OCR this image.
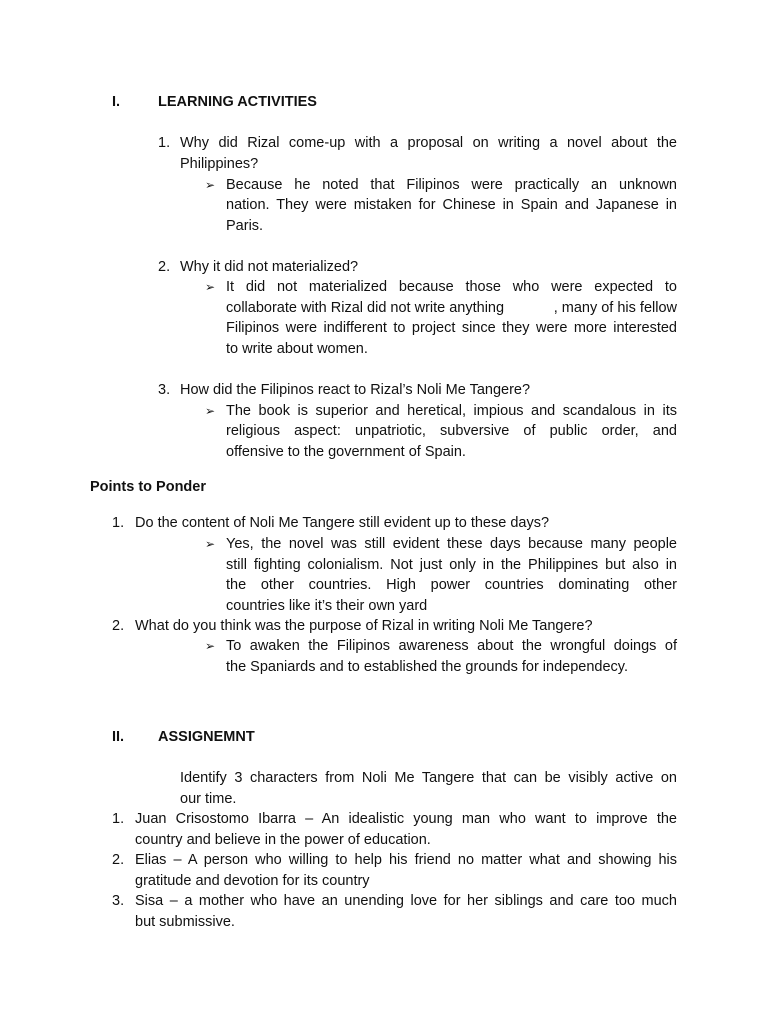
I.	LEARNING ACTIVITIES
1. Why did Rizal come-up with a proposal on writing a novel about the
Philippines?
➢ Because he noted that Filipinos were practically an unknown
nation. They were mistaken for Chinese in Spain and Japanese in
Paris.
2. Why it did not materialized?
➢ It did not materialized because those who were expected to
collaborate with Rizal did not write anything	, many of his fellow
Filipinos were indifferent to project since they were more interested
to write about women.
3. How did the Filipinos react to Rizal’s Noli Me Tangere?
➢ The book is superior and heretical, impious and scandalous in its
religious aspect: unpatriotic, subversive of public order, and
offensive to the government of Spain.
Points to Ponder
1. Do the content of Noli Me Tangere still evident up to these days?
➢ Yes, the novel was still evident these days because many people
still fighting colonialism. Not just only in the Philippines but also in
the other countries. High power countries dominating other
countries like it’s their own yard
2. What do you think was the purpose of Rizal in writing Noli Me Tangere?
➢ To awaken the Filipinos awareness about the wrongful doings of
the Spaniards and to established the grounds for independecy.
II. ASSIGNEMNT
Identify 3 characters from Noli Me Tangere that can be visibly active on
our time.
1. Juan Crisostomo Ibarra – An idealistic young man who want to improve the
country and believe in the power of education.
2. Elias – A person who willing to help his friend no matter what and showing his
gratitude and devotion for its country
3. Sisa – a mother who have an unending love for her siblings and care too much
but submissive.
